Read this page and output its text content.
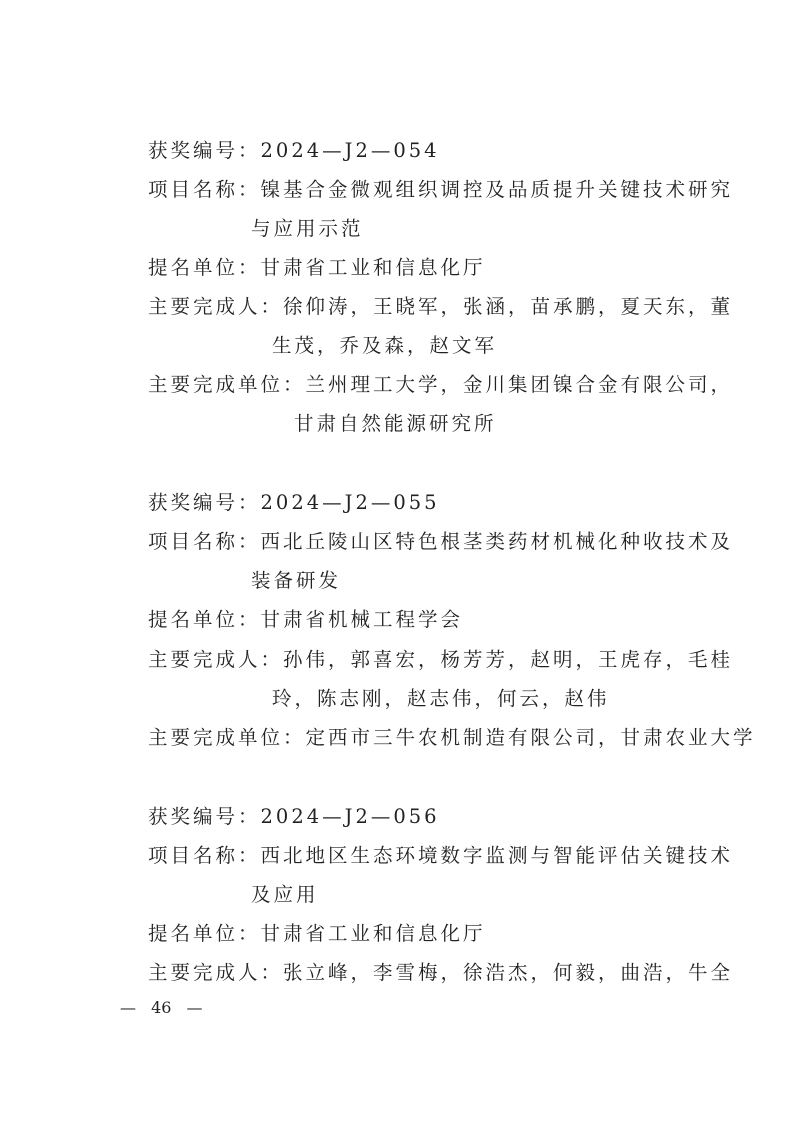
获奖编号：2024—J2—054
项目名称：镍基合金微观组织调控及品质提升关键技术研究
与应用示范
提名单位：甘肃省工业和信息化厅
主要完成人：徐仰涛，王晓军，张涵，苗承鹏，夏天东，董
生茂，乔及森，赵文军
主要完成单位：兰州理工大学，金川集团镍合金有限公司，
甘肃自然能源研究所
获奖编号：2024—J2—055
项目名称：西北丘陵山区特色根茎类药材机械化种收技术及
装备研发
提名单位：甘肃省机械工程学会
主要完成人：孙伟，郭喜宏，杨芳芳，赵明，王虎存，毛桂
玲，陈志刚，赵志伟，何云，赵伟
主要完成单位：定西市三牛农机制造有限公司，甘肃农业大学
获奖编号：2024—J2—056
项目名称：西北地区生态环境数字监测与智能评估关键技术
及应用
提名单位：甘肃省工业和信息化厅
主要完成人：张立峰，李雪梅，徐浩杰，何毅，曲浩，牛全
— 46 —
